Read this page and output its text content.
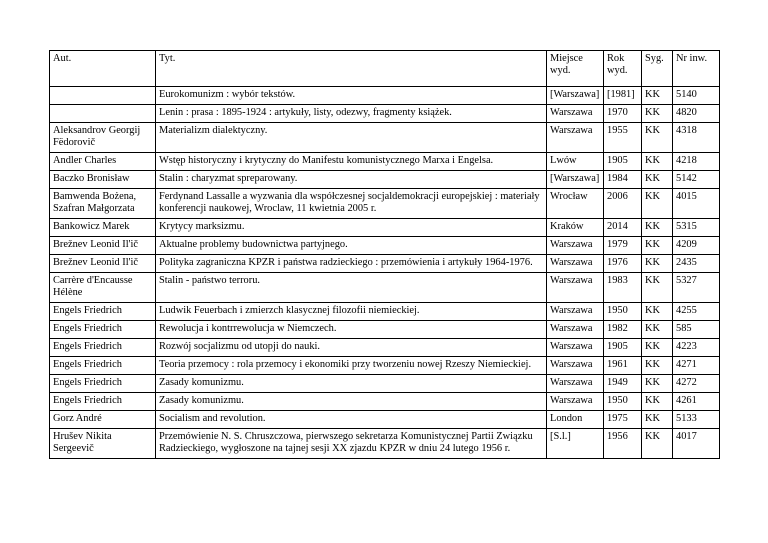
Aut.	Tyt.	Miejsce wyd.	Rok wyd.	Syg.	Nr inw.
	Eurokomunizm : wybór tekstów.	[Warszawa]	[1981]	KK	5140
	Lenin : prasa : 1895-1924 : artykuły, listy, odezwy, fragmenty książek.	Warszawa	1970	KK	4820
Aleksandrov Georgij Fëdorovič	Materializm dialektyczny.	Warszawa	1955	KK	4318
Andler Charles	Wstęp historyczny i krytyczny do Manifestu komunistycznego Marxa i Engelsa.	Lwów	1905	KK	4218
Baczko Bronisław	Stalin : charyzmat spreparowany.	[Warszawa]	1984	KK	5142
Bamwenda Bożena, Szafran Małgorzata	Ferdynand Lassalle a wyzwania dla współczesnej socjaldemokracji europejskiej : materiały konferencji naukowej, Wroclaw, 11 kwietnia 2005 r.	Wrocław	2006	KK	4015
Bankowicz Marek	Krytycy marksizmu.	Kraków	2014	KK	5315
Brežnev Leonid Il'ič	Aktualne problemy budownictwa partyjnego.	Warszawa	1979	KK	4209
Brežnev Leonid Il'ič	Polityka zagraniczna KPZR i państwa radzieckiego : przemówienia i artykuły 1964-1976.	Warszawa	1976	KK	2435
Carrère d'Encausse Hélène	Stalin - państwo terroru.	Warszawa	1983	KK	5327
Engels Friedrich	Ludwik Feuerbach i zmierzch klasycznej filozofii niemieckiej.	Warszawa	1950	KK	4255
Engels Friedrich	Rewolucja i kontrrewolucja w Niemczech.	Warszawa	1982	KK	585
Engels Friedrich	Rozwój socjalizmu od utopji do nauki.	Warszawa	1905	KK	4223
Engels Friedrich	Teoria przemocy : rola przemocy i ekonomiki przy tworzeniu nowej Rzeszy Niemieckiej.	Warszawa	1961	KK	4271
Engels Friedrich	Zasady komunizmu.	Warszawa	1949	KK	4272
Engels Friedrich	Zasady komunizmu.	Warszawa	1950	KK	4261
Gorz André	Socialism and revolution.	London	1975	KK	5133
Hrušev Nikita Sergeevič	Przemówienie N. S. Chruszczowa, pierwszego sekretarza Komunistycznej Partii Związku Radzieckiego, wygłoszone na tajnej sesji XX zjazdu KPZR w dniu 24 lutego 1956 r.	[S.l.]	1956	KK	4017
